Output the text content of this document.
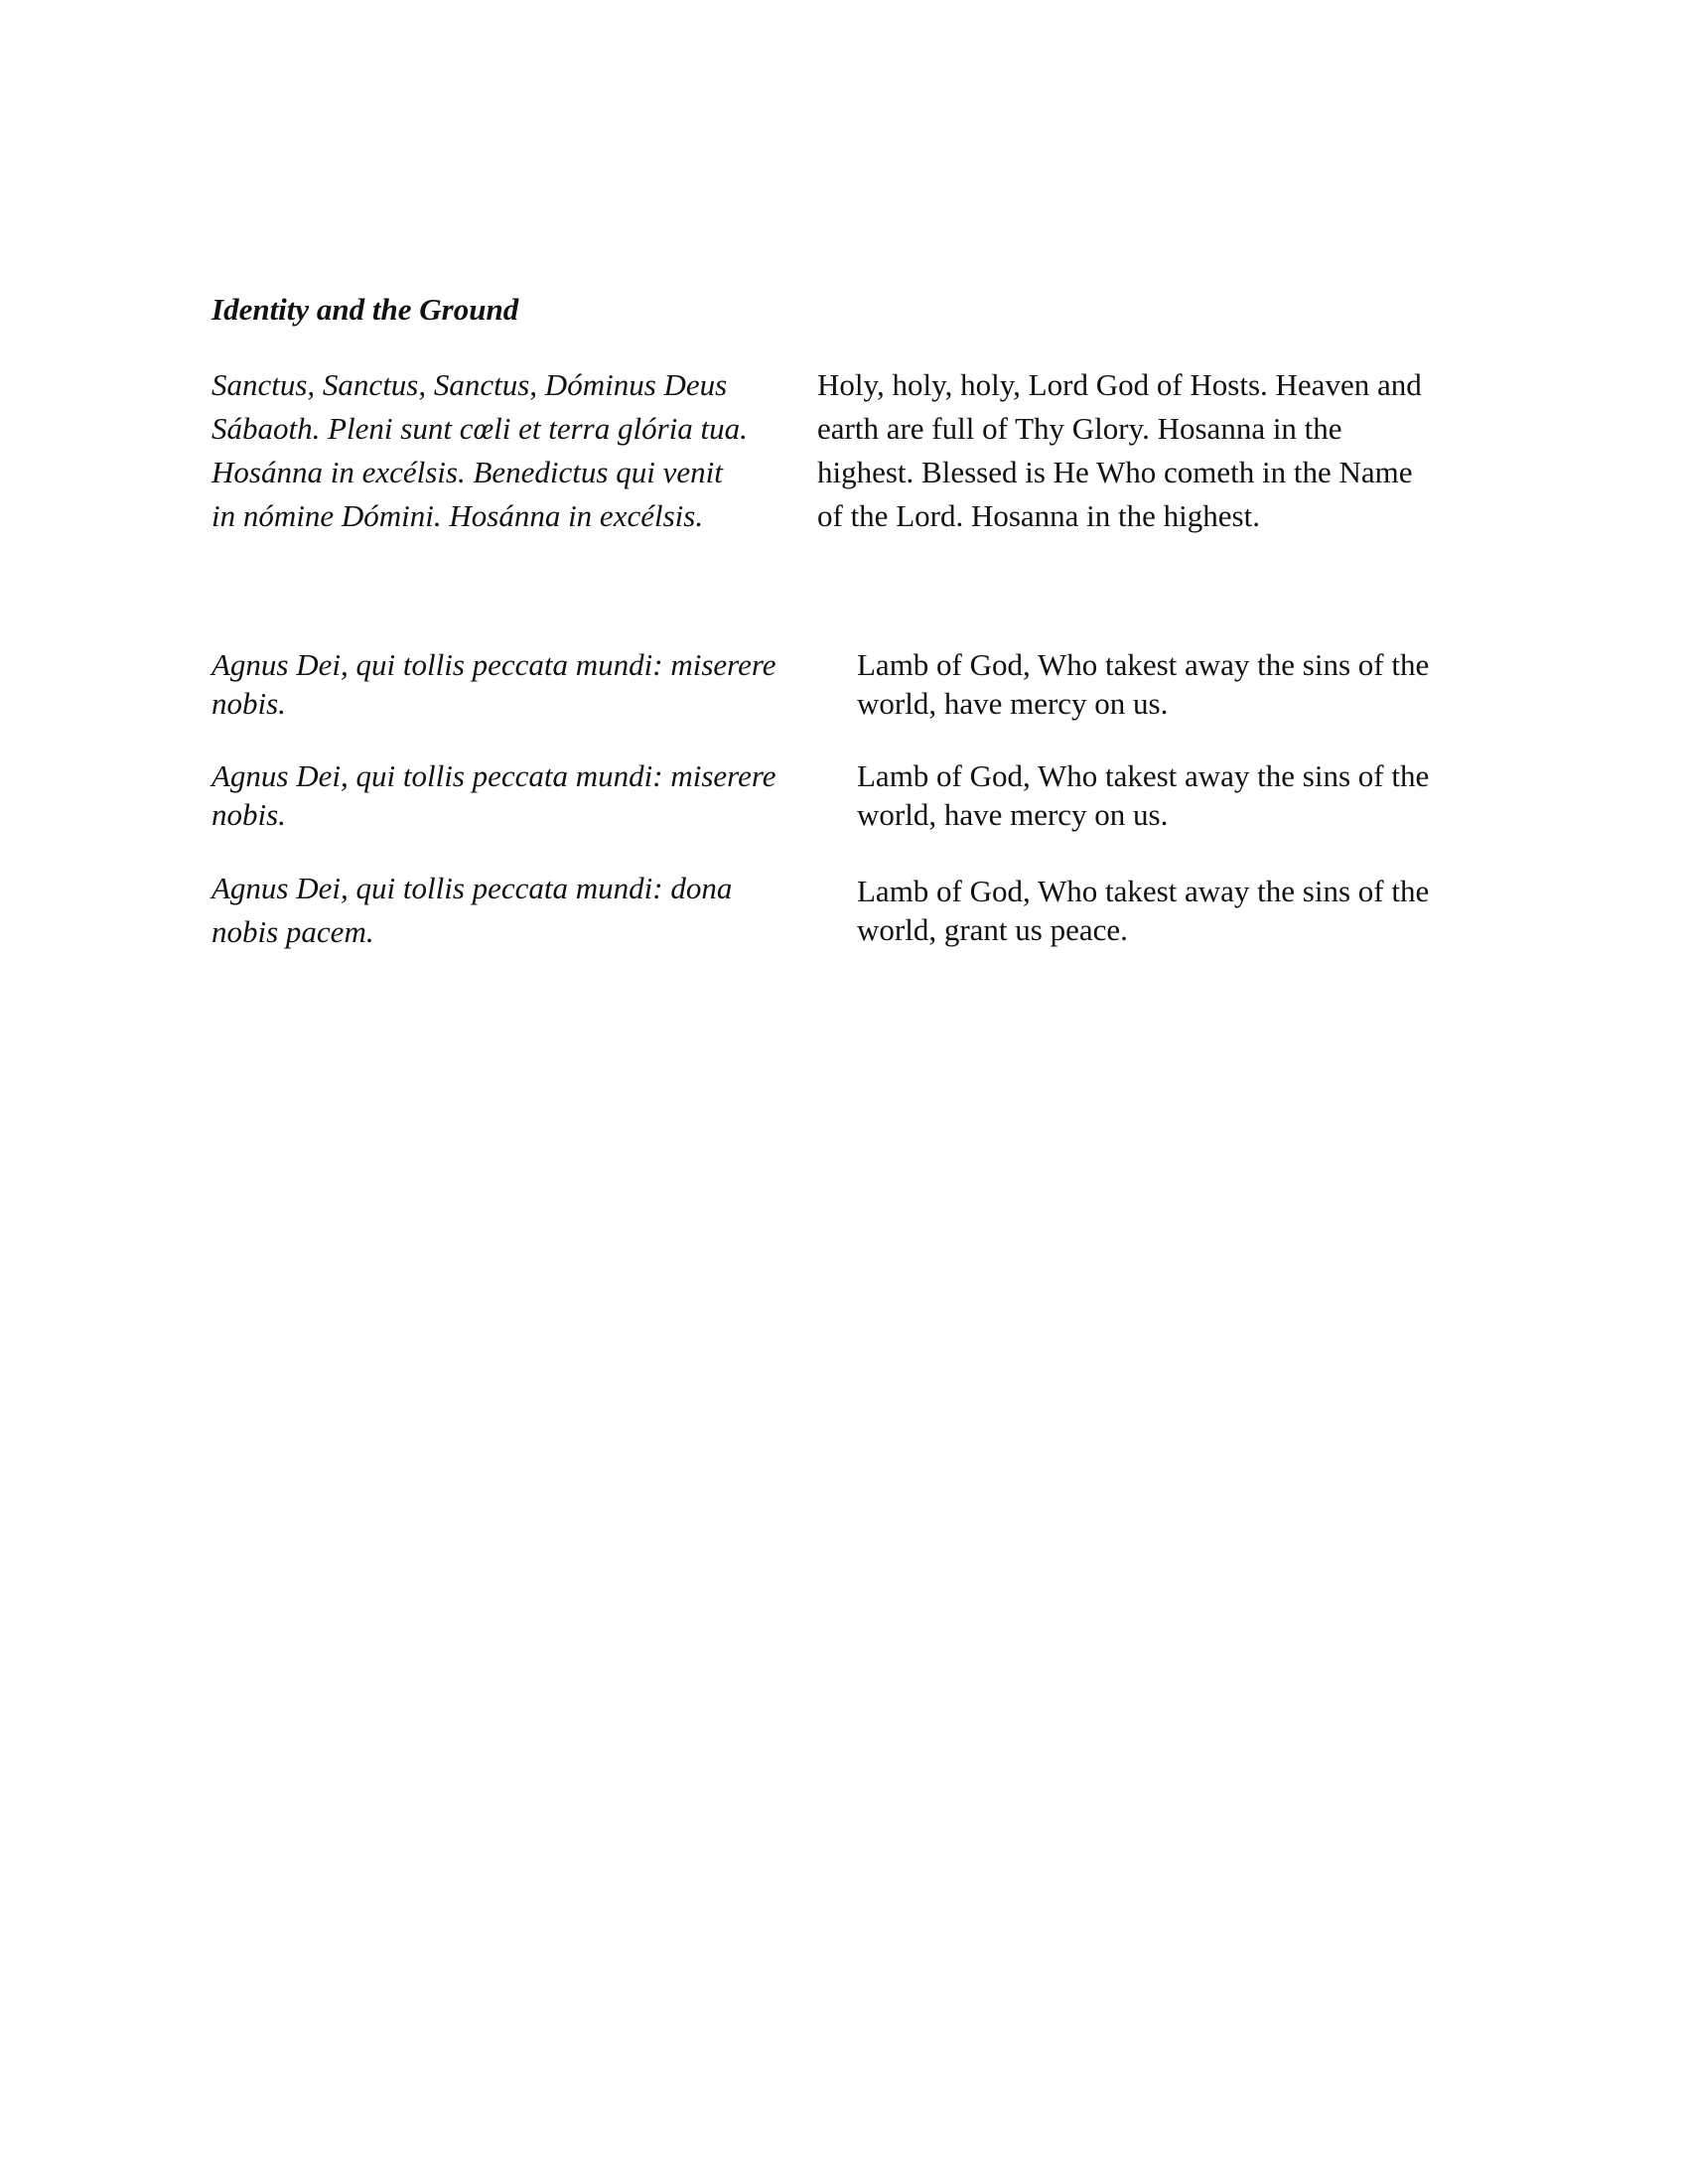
Identity and the Ground
Sanctus, Sanctus, Sanctus, Dóminus Deus
Sábaoth. Pleni sunt cœli et terra glória tua.
Hosánna in excélsis. Benedictus qui venit
in nómine Dómini. Hosánna in excélsis.
Holy, holy, holy, Lord God of Hosts. Heaven and
earth are full of Thy Glory. Hosanna in the
highest. Blessed is He Who cometh in the Name
of the Lord. Hosanna in the highest.
Agnus Dei, qui tollis peccata mundi: miserere
nobis.
Lamb of God, Who takest away the sins of the
world, have mercy on us.
Agnus Dei, qui tollis peccata mundi: miserere
nobis.
Lamb of God, Who takest away the sins of the
world, have mercy on us.
Agnus Dei, qui tollis peccata mundi: dona
nobis pacem.
Lamb of God, Who takest away the sins of the
world, grant us peace.
